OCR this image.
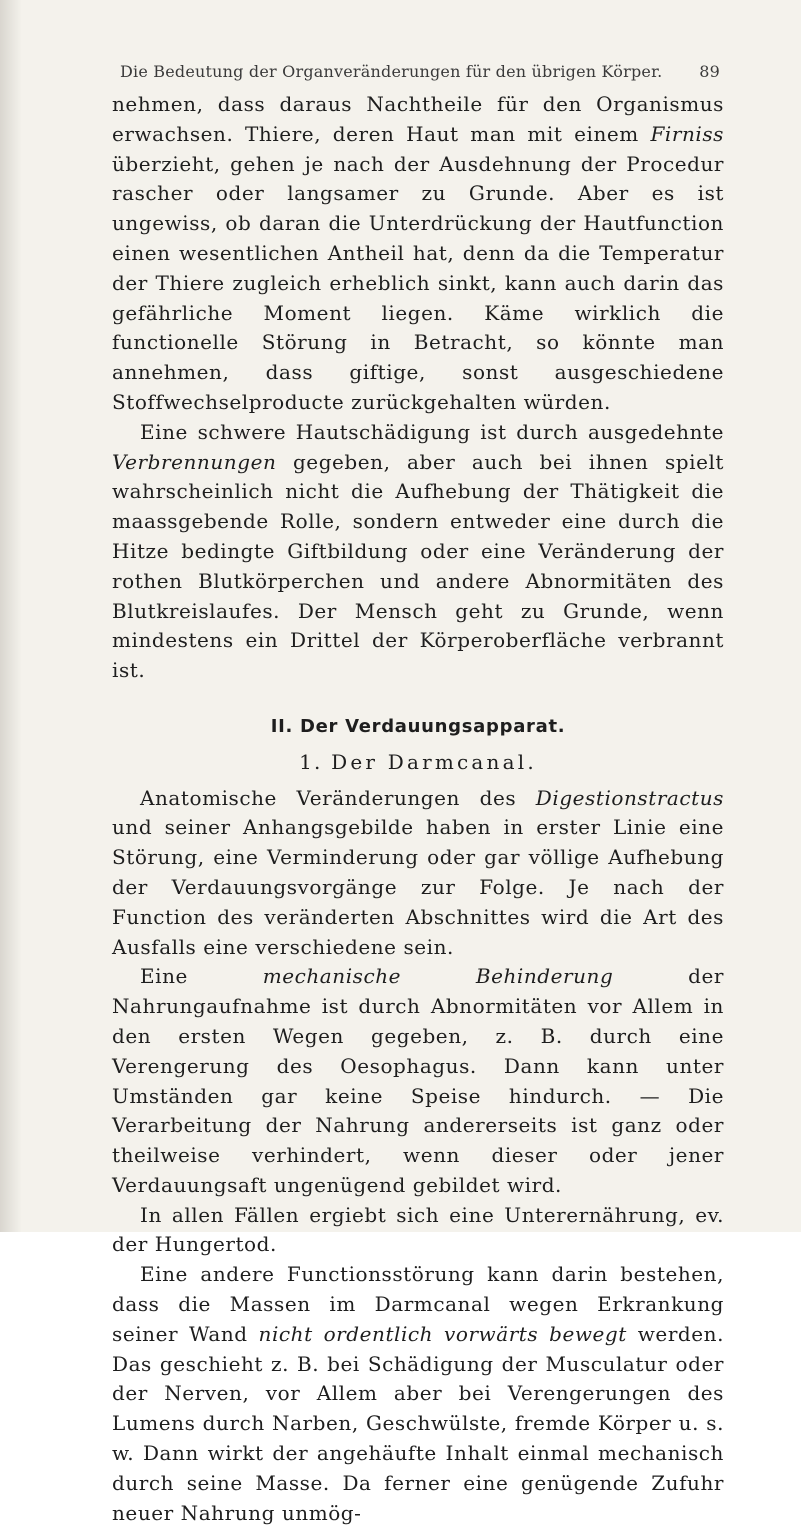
Die Bedeutung der Organveränderungen für den übrigen Körper. 89

nehmen, dass daraus Nachtheile für den Organismus erwachsen. Thiere, deren Haut man mit einem Firniss überzieht, gehen je nach der Ausdehnung der Procedur rascher oder langsamer zu Grunde. Aber es ist ungewiss, ob daran die Unterdrückung der Hautfunction einen wesentlichen Antheil hat, denn da die Temperatur der Thiere zugleich erheblich sinkt, kann auch darin das gefährliche Moment liegen. Käme wirklich die functionelle Störung in Betracht, so könnte man annehmen, dass giftige, sonst ausgeschiedene Stoffwechselproducte zurückgehalten würden.

Eine schwere Hautschädigung ist durch ausgedehnte Verbrennungen gegeben, aber auch bei ihnen spielt wahrscheinlich nicht die Aufhebung der Thätigkeit die maassgebende Rolle, sondern entweder eine durch die Hitze bedingte Giftbildung oder eine Veränderung der rothen Blutkörperchen und andere Abnormitäten des Blutkreislaufes. Der Mensch geht zu Grunde, wenn mindestens ein Drittel der Körperoberfläche verbrannt ist.

II. Der Verdauungsapparat.
1. Der Darmcanal.

Anatomische Veränderungen des Digestionstractus und seiner Anhangsgebilde haben in erster Linie eine Störung, eine Verminderung oder gar völlige Aufhebung der Verdauungsvorgänge zur Folge. Je nach der Function des veränderten Abschnittes wird die Art des Ausfalls eine verschiedene sein.

Eine mechanische Behinderung der Nahrungaufnahme ist durch Abnormitäten vor Allem in den ersten Wegen gegeben, z. B. durch eine Verengerung des Oesophagus. Dann kann unter Umständen gar keine Speise hindurch. — Die Verarbeitung der Nahrung andererseits ist ganz oder theilweise verhindert, wenn dieser oder jener Verdauungsaft ungenügend gebildet wird.

In allen Fällen ergiebt sich eine Unterernährung, ev. der Hungertod.

Eine andere Functionsstörung kann darin bestehen, dass die Massen im Darmcanal wegen Erkrankung seiner Wand nicht ordentlich vorwärts bewegt werden. Das geschieht z. B. bei Schädigung der Musculatur oder der Nerven, vor Allem aber bei Verengerungen des Lumens durch Narben, Geschwülste, fremde Körper u. s. w. Dann wirkt der angehäufte Inhalt einmal mechanisch durch seine Masse. Da ferner eine genügende Zufuhr neuer Nahrung unmög-
